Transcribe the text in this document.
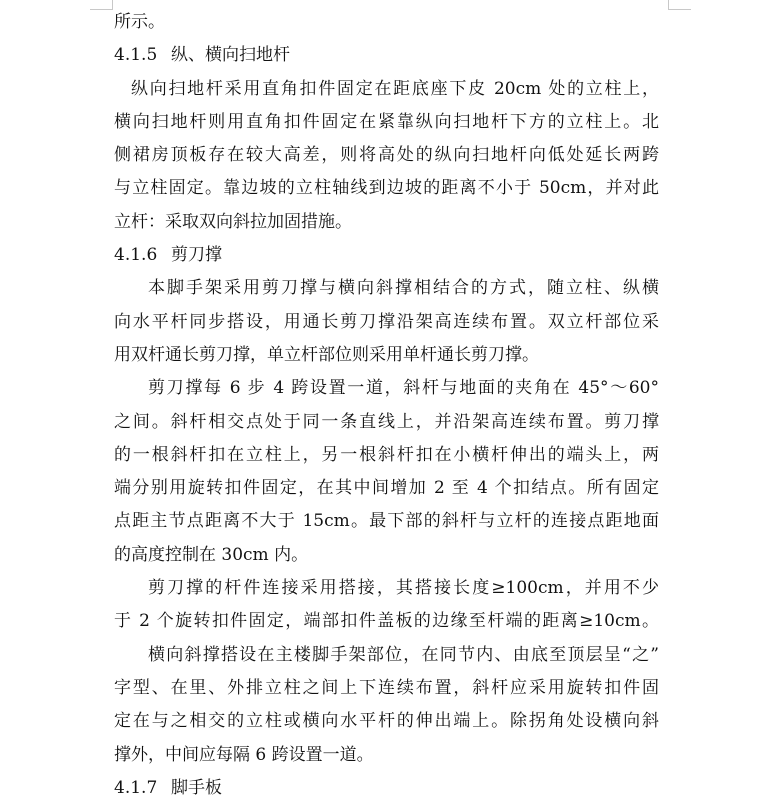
所示。
4.1.5 纵、横向扫地杆
纵向扫地杆采用直角扣件固定在距底座下皮 20cm 处的立柱上，
横向扫地杆则用直角扣件固定在紧靠纵向扫地杆下方的立柱上。北
侧裙房顶板存在较大高差，则将高处的纵向扫地杆向低处延长两跨
与立柱固定。靠边坡的立柱轴线到边坡的距离不小于 50cm，并对此
立杆：采取双向斜拉加固措施。
4.1.6 剪刀撑
本脚手架采用剪刀撑与横向斜撑相结合的方式，随立柱、纵横
向水平杆同步搭设，用通长剪刀撑沿架高连续布置。双立杆部位采
用双杆通长剪刀撑，单立杆部位则采用单杆通长剪刀撑。
剪刀撑每 6 步 4 跨设置一道，斜杆与地面的夹角在 45°～60°
之间。斜杆相交点处于同一条直线上，并沿架高连续布置。剪刀撑
的一根斜杆扣在立柱上，另一根斜杆扣在小横杆伸出的端头上，两
端分别用旋转扣件固定，在其中间增加 2 至 4 个扣结点。所有固定
点距主节点距离不大于 15cm。最下部的斜杆与立杆的连接点距地面
的高度控制在 30cm 内。
剪刀撑的杆件连接采用搭接，其搭接长度≥100cm，并用不少
于 2 个旋转扣件固定，端部扣件盖板的边缘至杆端的距离≥10cm。
横向斜撑搭设在主楼脚手架部位，在同节内、由底至顶层呈“之”
字型、在里、外排立柱之间上下连续布置，斜杆应采用旋转扣件固
定在与之相交的立柱或横向水平杆的伸出端上。除拐角处设横向斜
撑外，中间应每隔 6 跨设置一道。
4.1.7 脚手板
